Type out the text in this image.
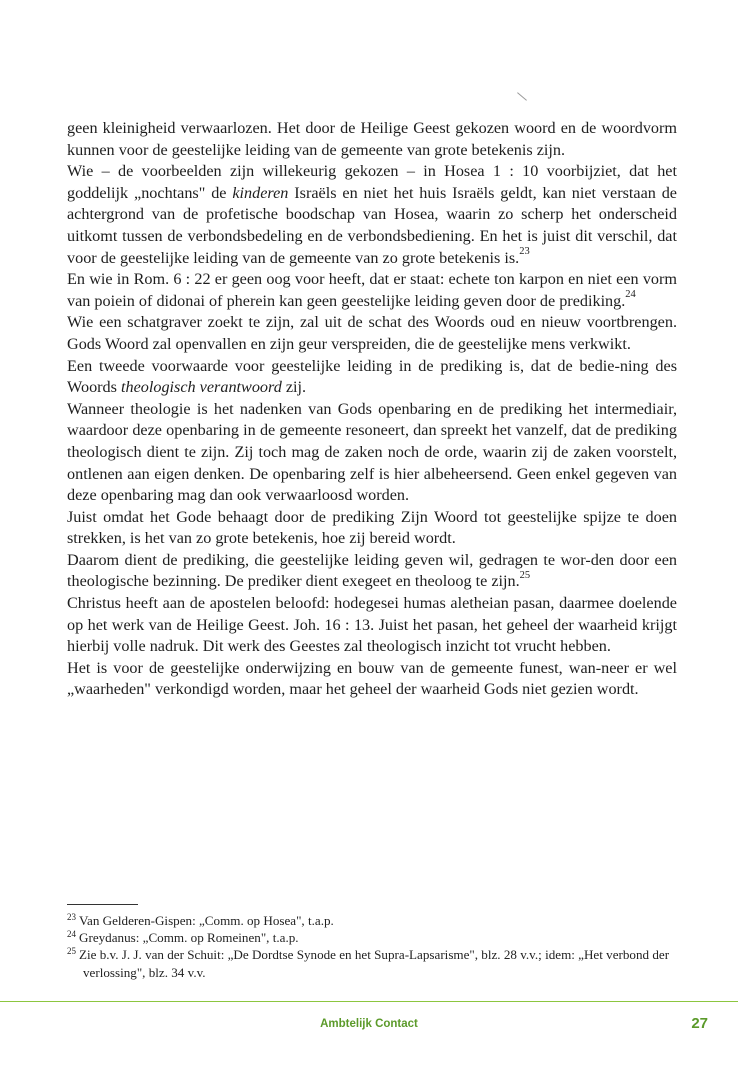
geen kleinigheid verwaarlozen. Het door de Heilige Geest gekozen woord en de woordvorm kunnen voor de geestelijke leiding van de gemeente van grote betekenis zijn.

Wie – de voorbeelden zijn willekeurig gekozen – in Hosea 1 : 10 voorbijziet, dat het goddelijk „nochtans" de kinderen Israëls en niet het huis Israëls geldt, kan niet verstaan de achtergrond van de profetische boodschap van Hosea, waarin zo scherp het onderscheid uitkomt tussen de verbondsbedeling en de verbondsbediening. En het is juist dit verschil, dat voor de geestelijke leiding van de gemeente van zo grote betekenis is.$^{23}$

En wie in Rom. 6 : 22 er geen oog voor heeft, dat er staat: echete ton karpon en niet een vorm van poiein of didonai of pherein kan geen geestelijke leiding geven door de prediking.$^{24}$

Wie een schatgraver zoekt te zijn, zal uit de schat des Woords oud en nieuw voortbrengen. Gods Woord zal openvallen en zijn geur verspreiden, die de geestelijke mens verkwikt.

Een tweede voorwaarde voor geestelijke leiding in de prediking is, dat de bedie-ning des Woords theologisch verantwoord zij.

Wanneer theologie is het nadenken van Gods openbaring en de prediking het intermediair, waardoor deze openbaring in de gemeente resoneert, dan spreekt het vanzelf, dat de prediking theologisch dient te zijn. Zij toch mag de zaken noch de orde, waarin zij de zaken voorstelt, ontlenen aan eigen denken. De openbaring zelf is hier albeheersend. Geen enkel gegeven van deze openbaring mag dan ook verwaarloosd worden.

Juist omdat het Gode behaagt door de prediking Zijn Woord tot geestelijke spijze te doen strekken, is het van zo grote betekenis, hoe zij bereid wordt.

Daarom dient de prediking, die geestelijke leiding geven wil, gedragen te wor-den door een theologische bezinning. De prediker dient exegeet en theoloog te zijn.$^{25}$

Christus heeft aan de apostelen beloofd: hodegesei humas aletheian pasan, daarmee doelende op het werk van de Heilige Geest. Joh. 16 : 13. Juist het pasan, het geheel der waarheid krijgt hierbij volle nadruk. Dit werk des Geestes zal theologisch inzicht tot vrucht hebben.

Het is voor de geestelijke onderwijzing en bouw van de gemeente funest, wan-neer er wel „waarheden" verkondigd worden, maar het geheel der waarheid Gods niet gezien wordt.

$^{23}$ Van Gelderen-Gispen: „Comm. op Hosea", t.a.p.

$^{24}$ Greydanus: „Comm. op Romeinen", t.a.p.

$^{25}$ Zie b.v. J. J. van der Schuit: „De Dordtse Synode en het Supra-Lapsarisme", blz. 28 v.v.; idem: „Het verbond der verlossing", blz. 34 v.v.

Ambtelijk Contact	27
